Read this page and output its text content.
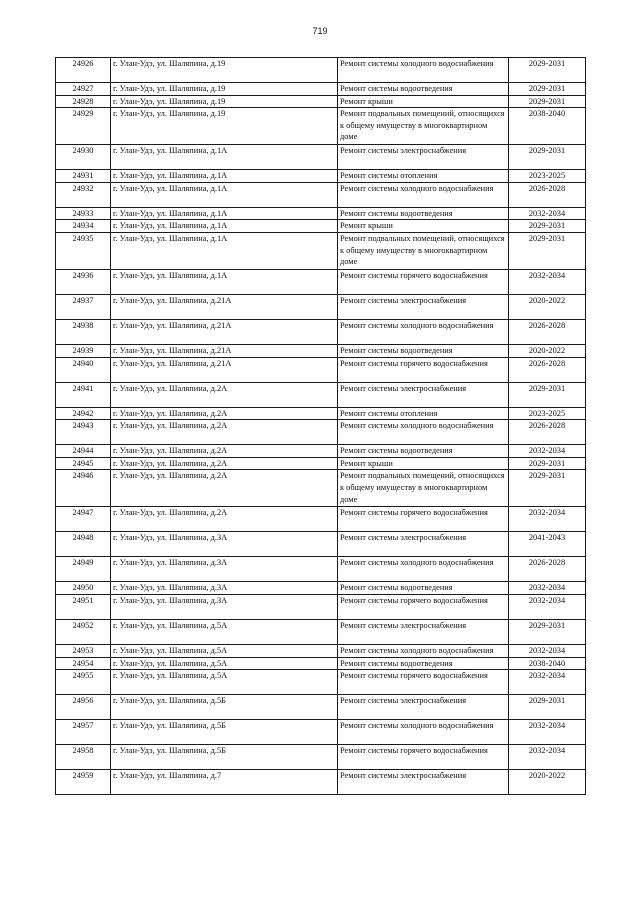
719
24926	г. Улан-Удэ, ул. Шаляпина, д.19	Ремонт системы холодного водоснабжения	2029-2031
24927	г. Улан-Удэ, ул. Шаляпина, д.19	Ремонт системы водоотведения	2029-2031
24928	г. Улан-Удэ, ул. Шаляпина, д.19	Ремонт крыши	2029-2031
24929	г. Улан-Удэ, ул. Шаляпина, д.19	Ремонт подвальных помещений, относящихся к общему имуществу в многоквартирном доме	2038-2040
24930	г. Улан-Удэ, ул. Шаляпина, д.1А	Ремонт системы электроснабжения	2029-2031
24931	г. Улан-Удэ, ул. Шаляпина, д.1А	Ремонт системы отопления	2023-2025
24932	г. Улан-Удэ, ул. Шаляпина, д.1А	Ремонт системы холодного водоснабжения	2026-2028
24933	г. Улан-Удэ, ул. Шаляпина, д.1А	Ремонт системы водоотведения	2032-2034
24934	г. Улан-Удэ, ул. Шаляпина, д.1А	Ремонт крыши	2029-2031
24935	г. Улан-Удэ, ул. Шаляпина, д.1А	Ремонт подвальных помещений, относящихся к общему имуществу в многоквартирном доме	2029-2031
24936	г. Улан-Удэ, ул. Шаляпина, д.1А	Ремонт системы горячего водоснабжения	2032-2034
24937	г. Улан-Удэ, ул. Шаляпина, д.21А	Ремонт системы электроснабжения	2020-2022
24938	г. Улан-Удэ, ул. Шаляпина, д.21А	Ремонт системы холодного водоснабжения	2026-2028
24939	г. Улан-Удэ, ул. Шаляпина, д.21А	Ремонт системы водоотведения	2020-2022
24940	г. Улан-Удэ, ул. Шаляпина, д.21А	Ремонт системы горячего водоснабжения	2026-2028
24941	г. Улан-Удэ, ул. Шаляпина, д.2А	Ремонт системы электроснабжения	2029-2031
24942	г. Улан-Удэ, ул. Шаляпина, д.2А	Ремонт системы отопления	2023-2025
24943	г. Улан-Удэ, ул. Шаляпина, д.2А	Ремонт системы холодного водоснабжения	2026-2028
24944	г. Улан-Удэ, ул. Шаляпина, д.2А	Ремонт системы водоотведения	2032-2034
24945	г. Улан-Удэ, ул. Шаляпина, д.2А	Ремонт крыши	2029-2031
24946	г. Улан-Удэ, ул. Шаляпина, д.2А	Ремонт подвальных помещений, относящихся к общему имуществу в многоквартирном доме	2029-2031
24947	г. Улан-Удэ, ул. Шаляпина, д.2А	Ремонт системы горячего водоснабжения	2032-2034
24948	г. Улан-Удэ, ул. Шаляпина, д.3А	Ремонт системы электроснабжения	2041-2043
24949	г. Улан-Удэ, ул. Шаляпина, д.3А	Ремонт системы холодного водоснабжения	2026-2028
24950	г. Улан-Удэ, ул. Шаляпина, д.3А	Ремонт системы водоотведения	2032-2034
24951	г. Улан-Удэ, ул. Шаляпина, д.3А	Ремонт системы горячего водоснабжения	2032-2034
24952	г. Улан-Удэ, ул. Шаляпина, д.5А	Ремонт системы электроснабжения	2029-2031
24953	г. Улан-Удэ, ул. Шаляпина, д.5А	Ремонт системы холодного водоснабжения	2032-2034
24954	г. Улан-Удэ, ул. Шаляпина, д.5А	Ремонт системы водоотведения	2038-2040
24955	г. Улан-Удэ, ул. Шаляпина, д.5А	Ремонт системы горячего водоснабжения	2032-2034
24956	г. Улан-Удэ, ул. Шаляпина, д.5Б	Ремонт системы электроснабжения	2029-2031
24957	г. Улан-Удэ, ул. Шаляпина, д.5Б	Ремонт системы холодного водоснабжения	2032-2034
24958	г. Улан-Удэ, ул. Шаляпина, д.5Б	Ремонт системы горячего водоснабжения	2032-2034
24959	г. Улан-Удэ, ул. Шаляпина, д.7	Ремонт системы электроснабжения	2020-2022
